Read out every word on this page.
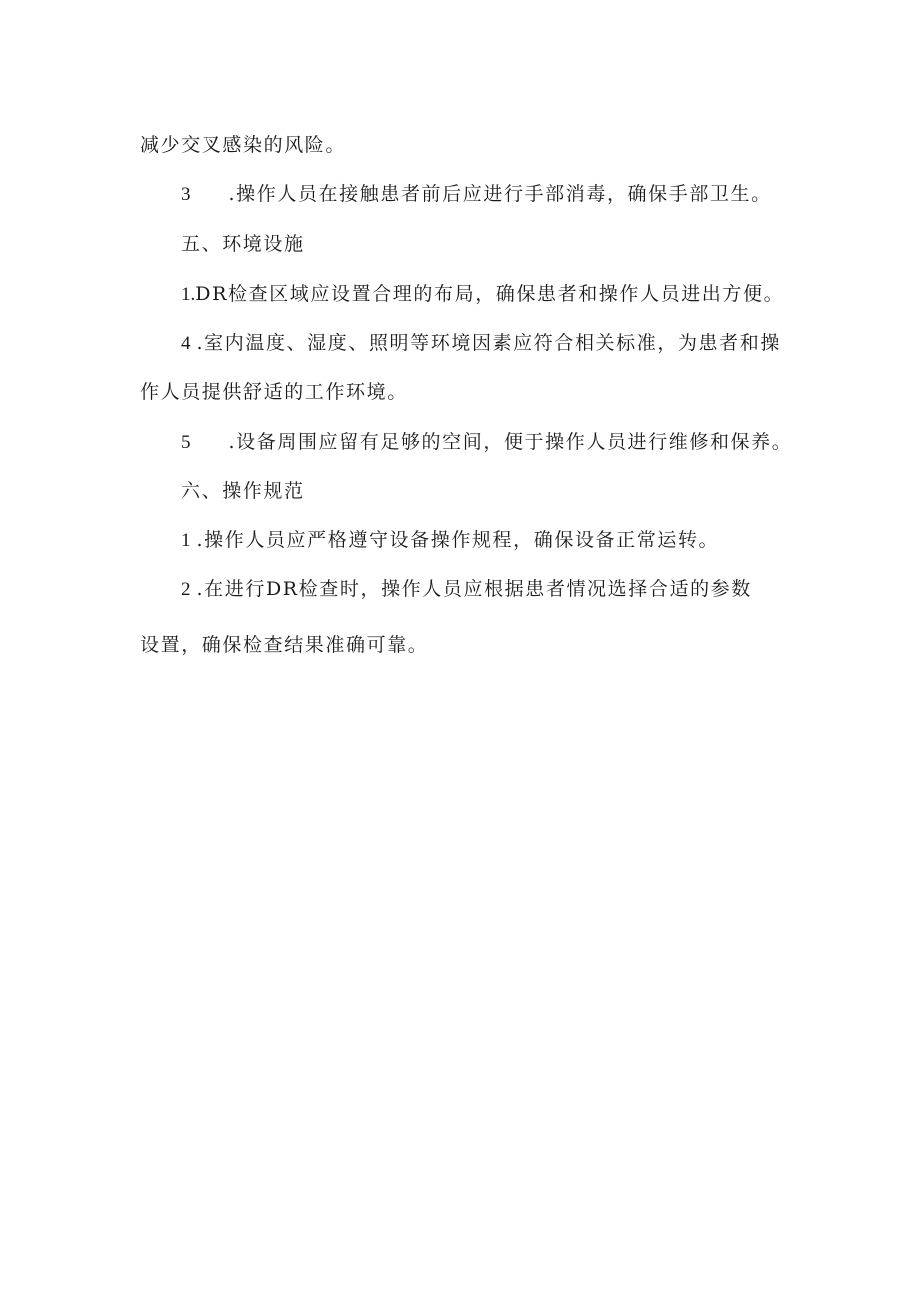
减少交叉感染的风险。

3 .操作人员在接触患者前后应进行手部消毒，确保手部卫生。

五、环境设施

1.DR检查区域应设置合理的布局，确保患者和操作人员进出方便。

4 .室内温度、湿度、照明等环境因素应符合相关标准，为患者和操

作人员提供舒适的工作环境。

5 .设备周围应留有足够的空间，便于操作人员进行维修和保养。

六、操作规范

1 .操作人员应严格遵守设备操作规程，确保设备正常运转。

2 .在进行DR检查时，操作人员应根据患者情况选择合适的参数

设置，确保检查结果准确可靠。
